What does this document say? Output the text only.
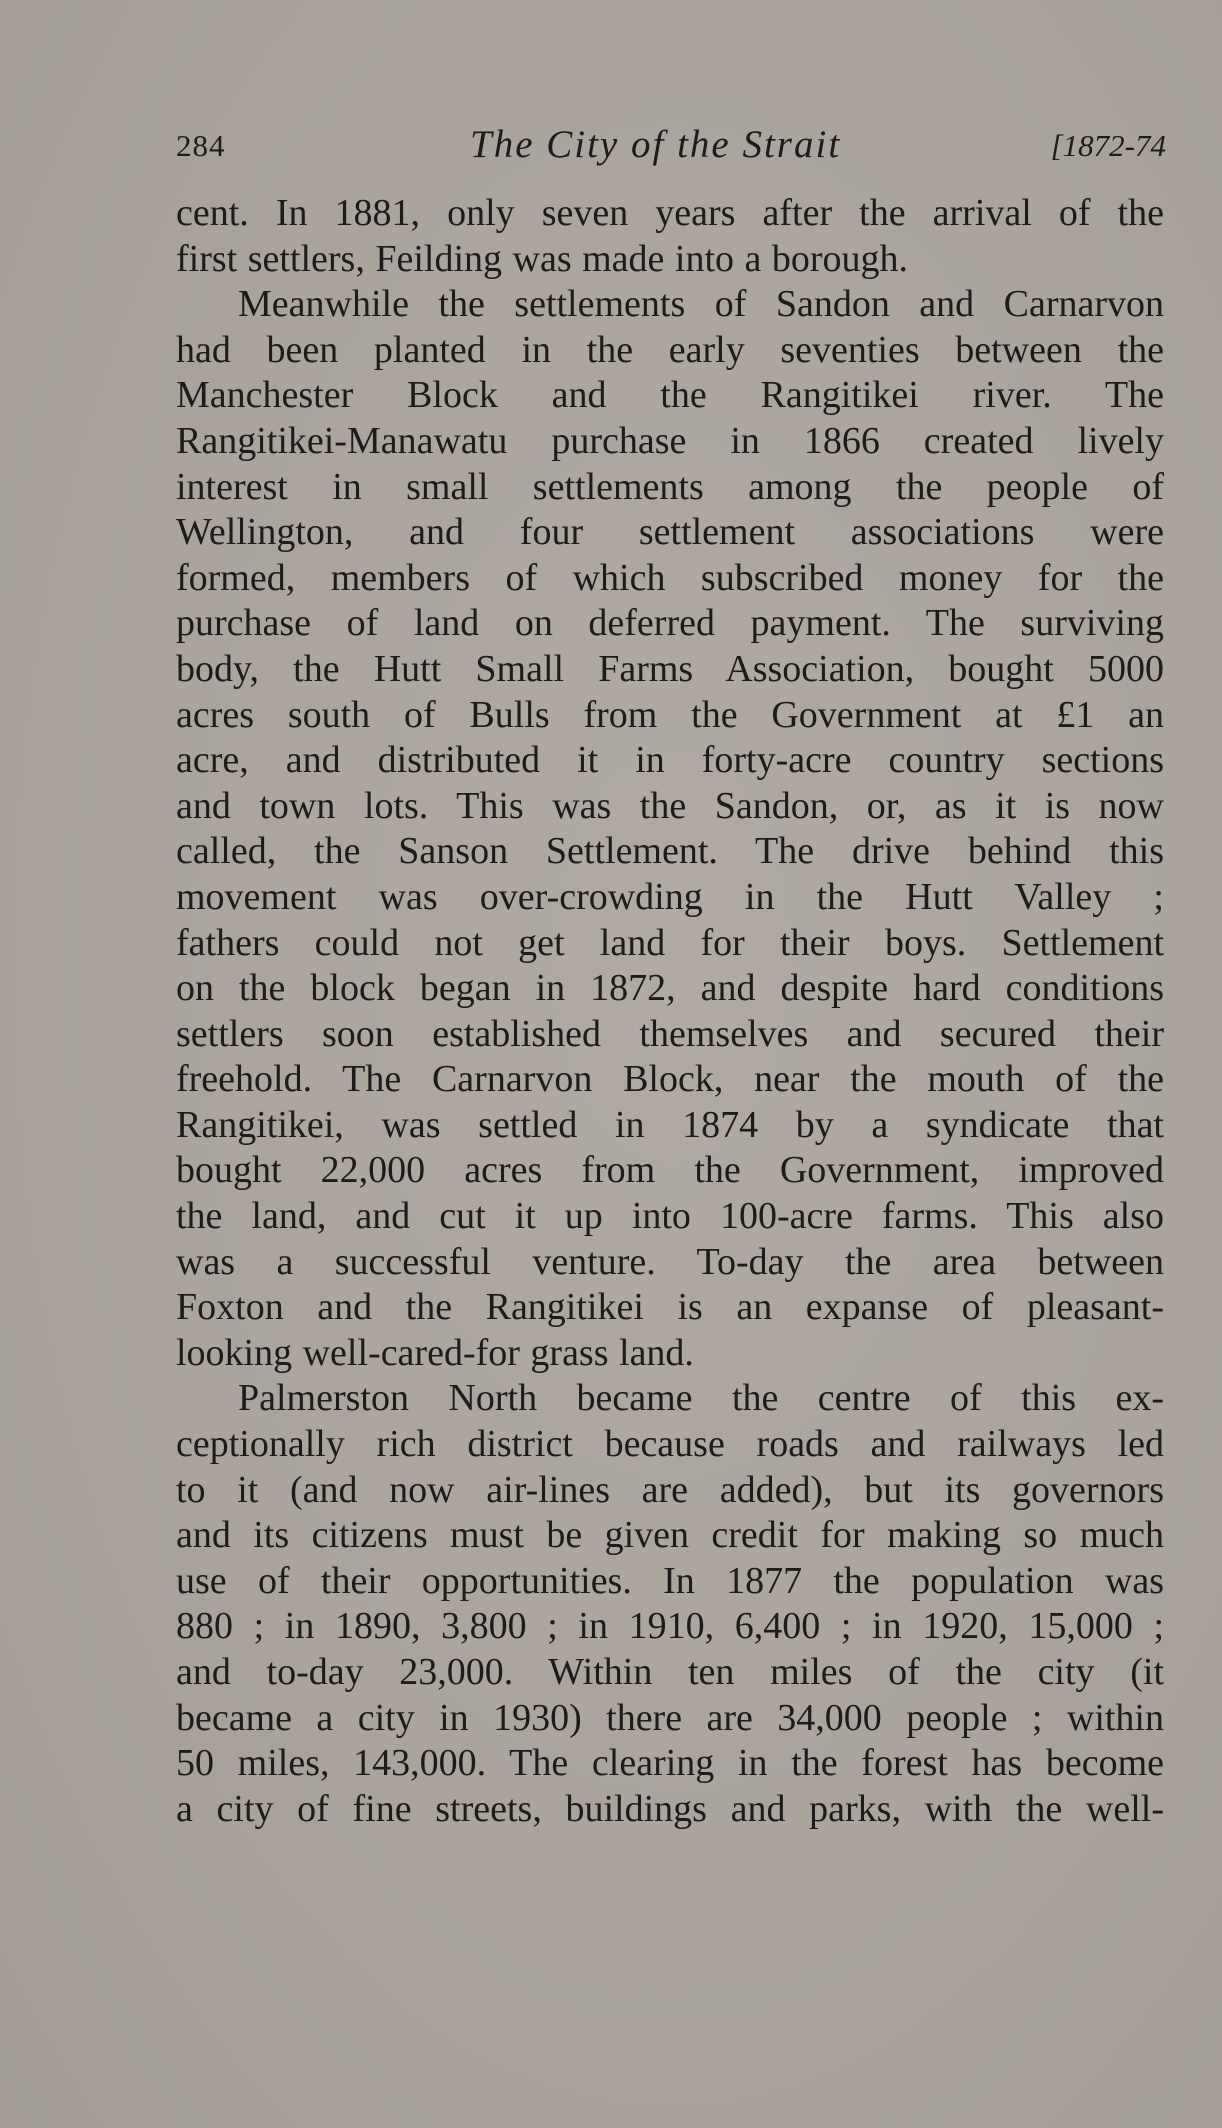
284	The City of the Strait	[1872-74

cent. In 1881, only seven years after the arrival of the
first settlers, Feilding was made into a borough.

Meanwhile the settlements of Sandon and Carnarvon
had been planted in the early seventies between the
Manchester Block and the Rangitikei river. The
Rangitikei-Manawatu purchase in 1866 created lively
interest in small settlements among the people of
Wellington, and four settlement associations were
formed, members of which subscribed money for the
purchase of land on deferred payment. The surviving
body, the Hutt Small Farms Association, bought 5000
acres south of Bulls from the Government at £1 an
acre, and distributed it in forty-acre country sections
and town lots. This was the Sandon, or, as it is now
called, the Sanson Settlement. The drive behind this
movement was over-crowding in the Hutt Valley ;
fathers could not get land for their boys. Settlement
on the block began in 1872, and despite hard conditions
settlers soon established themselves and secured their
freehold. The Carnarvon Block, near the mouth of the
Rangitikei, was settled in 1874 by a syndicate that
bought 22,000 acres from the Government, improved
the land, and cut it up into 100-acre farms. This also
was a successful venture. To-day the area between
Foxton and the Rangitikei is an expanse of pleasant-
looking well-cared-for grass land.

Palmerston North became the centre of this ex-
ceptionally rich district because roads and railways led
to it (and now air-lines are added), but its governors
and its citizens must be given credit for making so much
use of their opportunities. In 1877 the population was
880 ; in 1890, 3,800 ; in 1910, 6,400 ; in 1920, 15,000 ;
and to-day 23,000. Within ten miles of the city (it
became a city in 1930) there are 34,000 people ; within
50 miles, 143,000. The clearing in the forest has become
a city of fine streets, buildings and parks, with the well-
